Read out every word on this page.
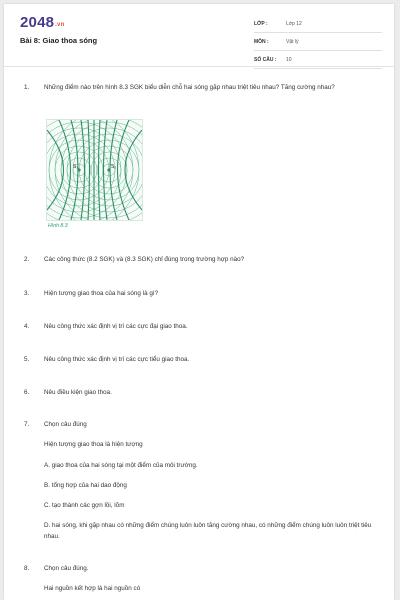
2048.vn
Bài 8: Giao thoa sóng
LỚP :	Lớp 12
MÔN :	Vật lý
SỐ CÂU :	10
1. Những điểm nào trên hình 8.3 SGK biểu diễn chỗ hai sóng gặp nhau triệt tiêu nhau? Tăng cường nhau?
S₁	S₂
Hình 8.3
2. Các công thức (8.2 SGK) và (8.3 SGK) chỉ đúng trong trường hợp nào?
3. Hiện tượng giao thoa của hai sóng là gì?
4. Nêu công thức xác định vị trí các cực đại giao thoa.
5. Nêu công thức xác định vị trí các cực tiểu giao thoa.
6. Nêu điều kiện giao thoa.
7. Chọn câu đúng
Hiện tượng giao thoa là hiện tượng
A. giao thoa của hai sóng tại một điểm của môi trường.
B. tổng hợp của hai dao động
C. tạo thành các gợn lồi, lõm
D. hai sóng, khi gặp nhau có những điểm chúng luôn luôn tăng cường nhau, có những điểm chúng luôn luôn triệt tiêu nhau.
8. Chọn câu đúng.
Hai nguồn kết hợp là hai nguồn có
